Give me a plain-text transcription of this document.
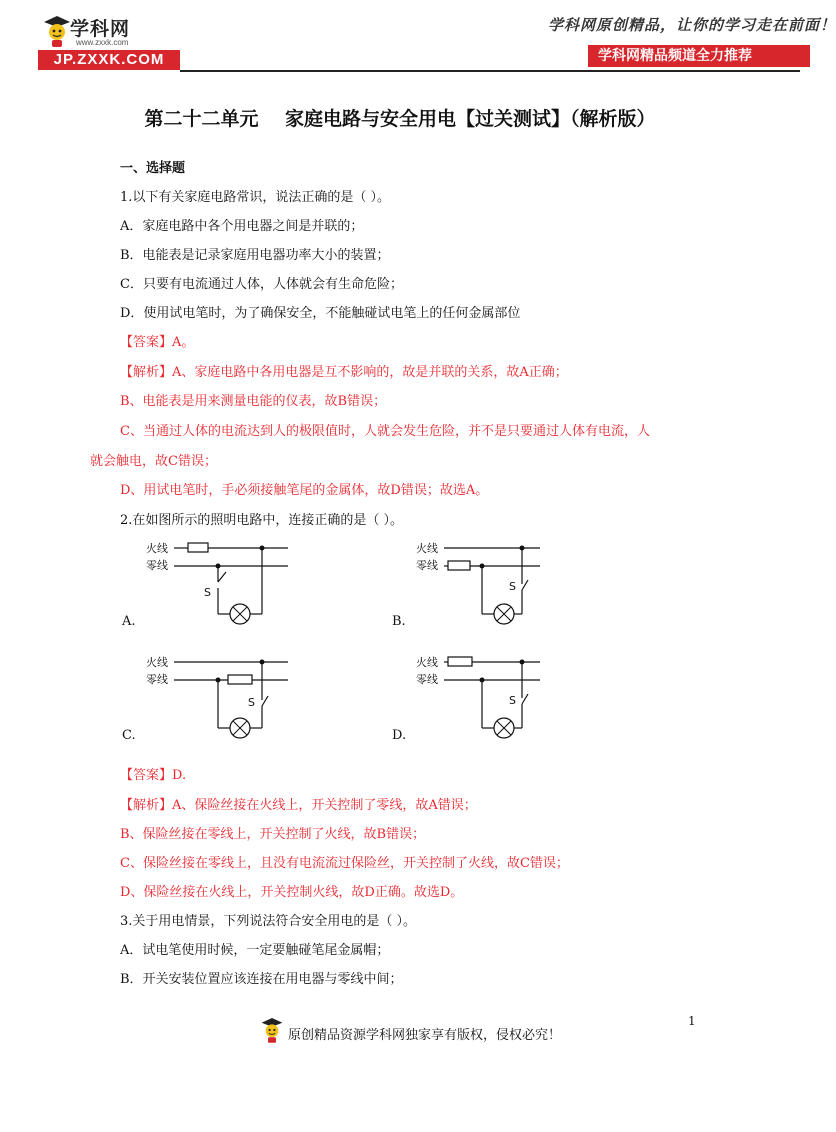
学科网
www.zxxk.com
JP.ZXXK.COM
学科网原创精品，让你的学习走在前面！
学科网精品频道全力推荐
第二十二单元    家庭电路与安全用电【过关测试】（解析版）
一、选择题
1.以下有关家庭电路常识，说法正确的是（ ）。
A．家庭电路中各个用电器之间是并联的；
B．电能表是记录家庭用电器功率大小的装置；
C．只要有电流通过人体，人体就会有生命危险；
D．使用试电笔时，为了确保安全，不能触碰试电笔上的任何金属部位
【答案】A。
【解析】A、家庭电路中各用电器是互不影响的，故是并联的关系，故A正确；
B、电能表是用来测量电能的仪表，故B错误；
C、当通过人体的电流达到人的极限值时，人就会发生危险，并不是只要通过人体有电流，人
就会触电，故C错误；
D、用试电笔时，手必须接触笔尾的金属体，故D错误；故选A。
2.在如图所示的照明电路中，连接正确的是（ ）。
火线
零线
S
A.
火线
零线
S
B.
火线
零线
S
C.
火线
零线
S
D.
【答案】D.
【解析】A、保险丝接在火线上，开关控制了零线，故A错误；
B、保险丝接在零线上，开关控制了火线，故B错误；
C、保险丝接在零线上，且没有电流流过保险丝，开关控制了火线，故C错误；
D、保险丝接在火线上，开关控制火线，故D正确。故选D。
3.关于用电情景，下列说法符合安全用电的是（ ）。
A．试电笔使用时候，一定要触碰笔尾金属帽；
B．开关安装位置应该连接在用电器与零线中间；
原创精品资源学科网独家享有版权，侵权必究！
1
